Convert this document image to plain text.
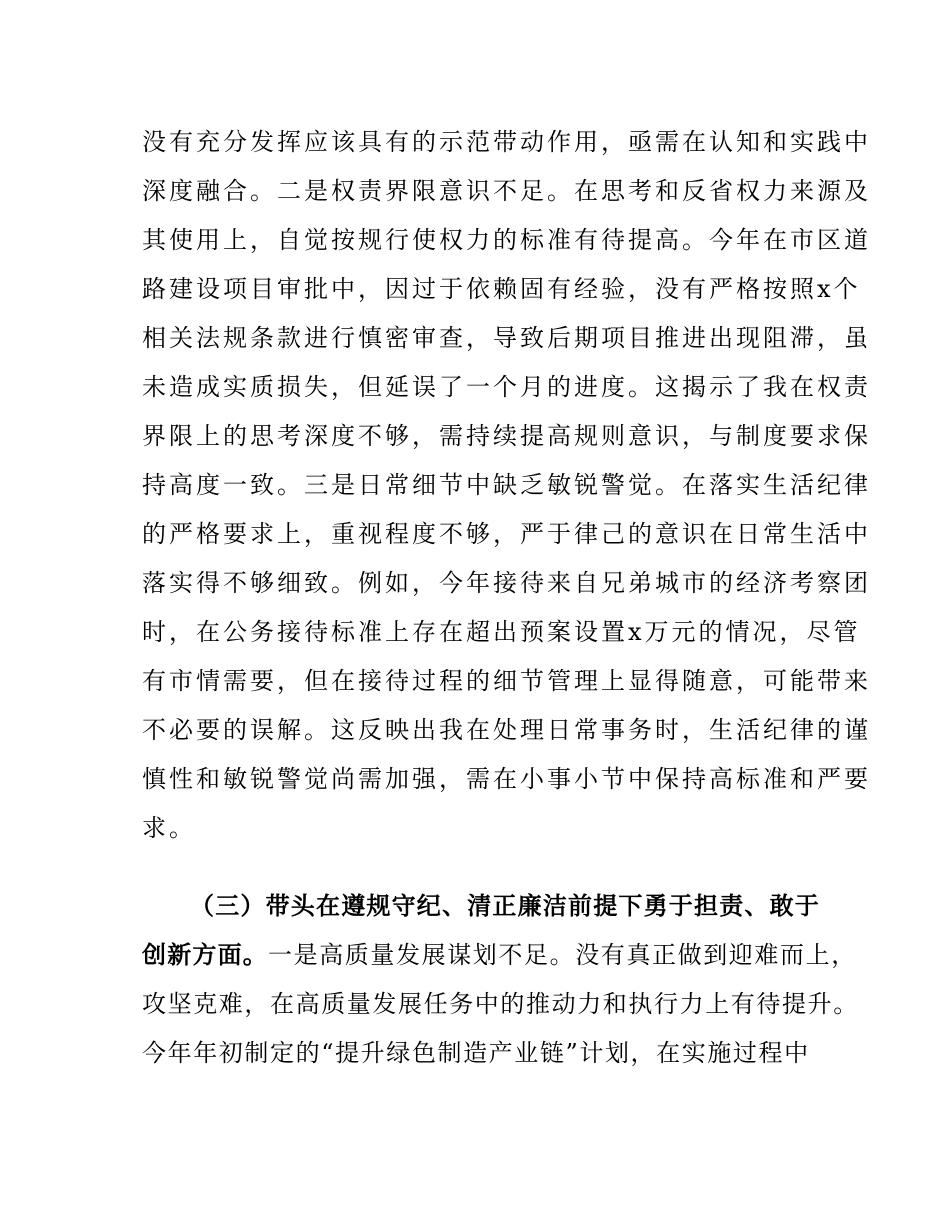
没有充分发挥应该具有的示范带动作用，亟需在认知和实践中
深度融合。二是权责界限意识不足。在思考和反省权力来源及
其使用上，自觉按规行使权力的标准有待提高。今年在市区道
路建设项目审批中，因过于依赖固有经验，没有严格按照x个
相关法规条款进行慎密审查，导致后期项目推进出现阻滞，虽
未造成实质损失，但延误了一个月的进度。这揭示了我在权责
界限上的思考深度不够，需持续提高规则意识，与制度要求保
持高度一致。三是日常细节中缺乏敏锐警觉。在落实生活纪律
的严格要求上，重视程度不够，严于律己的意识在日常生活中
落实得不够细致。例如，今年接待来自兄弟城市的经济考察团
时，在公务接待标准上存在超出预案设置x万元的情况，尽管
有市情需要，但在接待过程的细节管理上显得随意，可能带来
不必要的误解。这反映出我在处理日常事务时，生活纪律的谨
慎性和敏锐警觉尚需加强，需在小事小节中保持高标准和严要
求。
（三）带头在遵规守纪、清正廉洁前提下勇于担责、敢于
创新方面。一是高质量发展谋划不足。没有真正做到迎难而上，
攻坚克难，在高质量发展任务中的推动力和执行力上有待提升。
今年年初制定的“提升绿色制造产业链”计划，在实施过程中
